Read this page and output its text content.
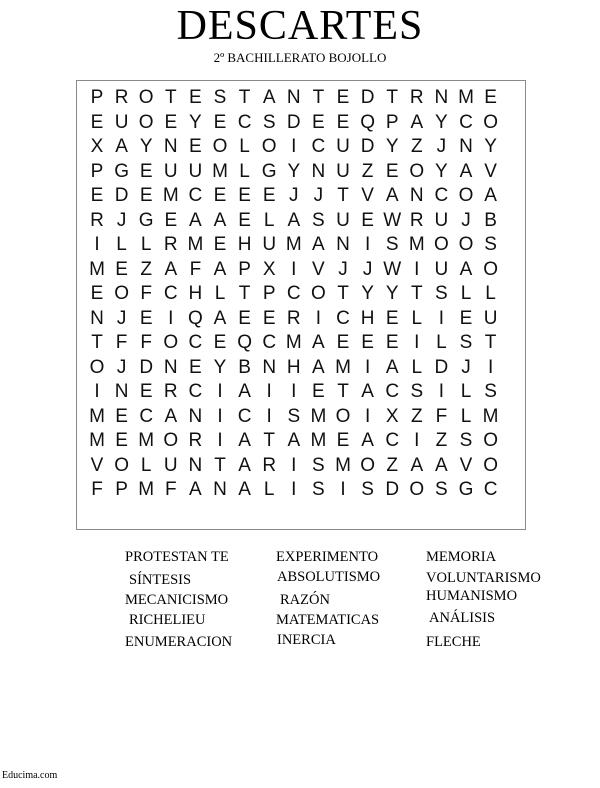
DESCARTES
2º BACHILLERATO BOJOLLO
P R O T E S T A N T E D T R N M E
E U O E Y E C S D E E Q P A Y C O
X A Y N E O L O I C U D Y Z J N Y
P G E U U M L G Y N U Z E O Y A V
E D E M C E E E J J T V A N C O A
R J G E A A E L A S U E W R U J B
I L L R M E H U M A N I S M O O S
M E Z A F A P X I V J J W I U A O
E O F C H L T P C O T Y Y T S L L
N J E I Q A E E R I C H E L I E U
T F F O C E Q C M A E E E I L S T
O J D N E Y B N H A M I A L D J I
I N E R C I A I	I E T A C S I L S
M E C A N I C I S M O I X Z F L M
M E M O R I A T A M E A C I Z S O
V O L U N T A R I S M O Z A A V O
F P M F A N A L I S I S D O S G C
PROTESTAN TE
SÍNTESIS
MECANICISMO
RICHELIEU
ENUMERACION
EXPERIMENTO
ABSOLUTISMO
RAZÓN
MATEMATICAS
INERCIA
MEMORIA
VOLUNTARISMO
HUMANISMO
ANÁLISIS
FLECHE
Educima.com
